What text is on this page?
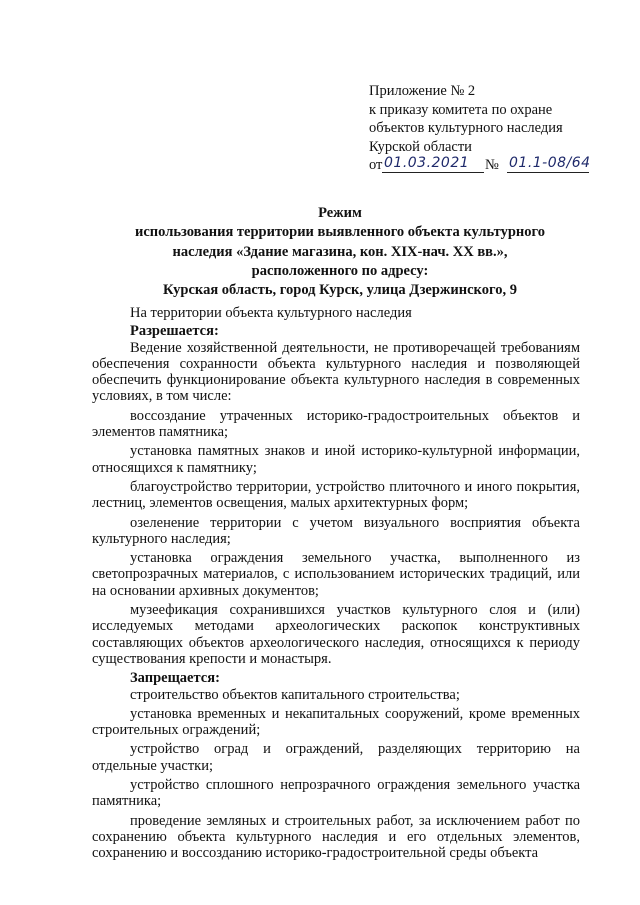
Приложение № 2
к приказу комитета по охране
объектов культурного наследия
Курской области
от 01.03.2021	№ 01.1-08/64
Режим
использования территории выявленного объекта культурного
наследия «Здание магазина, кон. XIX-нач. XX вв.»,
расположенного по адресу:
Курская область, город Курск, улица Дзержинского, 9

На территории объекта культурного наследия

Разрешается:

Ведение хозяйственной деятельности, не противоречащей требованиям обеспечения сохранности объекта культурного наследия и позволяющей обеспечить функционирование объекта культурного наследия в современных условиях, в том числе:

воссоздание утраченных историко-градостроительных объектов и элементов памятника;

установка памятных знаков и иной историко-культурной информации, относящихся к памятнику;

благоустройство территории, устройство плиточного и иного покрытия, лестниц, элементов освещения, малых архитектурных форм;

озеленение территории с учетом визуального восприятия объекта культурного наследия;

установка ограждения земельного участка, выполненного из светопрозрачных материалов, с использованием исторических традиций, или на основании архивных документов;

музеефикация сохранившихся участков культурного слоя и (или) исследуемых методами археологических раскопок конструктивных составляющих объектов археологического наследия, относящихся к периоду существования крепости и монастыря.

Запрещается:

строительство объектов капитального строительства;

установка временных и некапитальных сооружений, кроме временных строительных ограждений;

устройство оград и ограждений, разделяющих территорию на отдельные участки;

устройство сплошного непрозрачного ограждения земельного участка памятника;

проведение земляных и строительных работ, за исключением работ по сохранению объекта культурного наследия и его отдельных элементов, сохранению и воссозданию историко-градостроительной среды объекта
